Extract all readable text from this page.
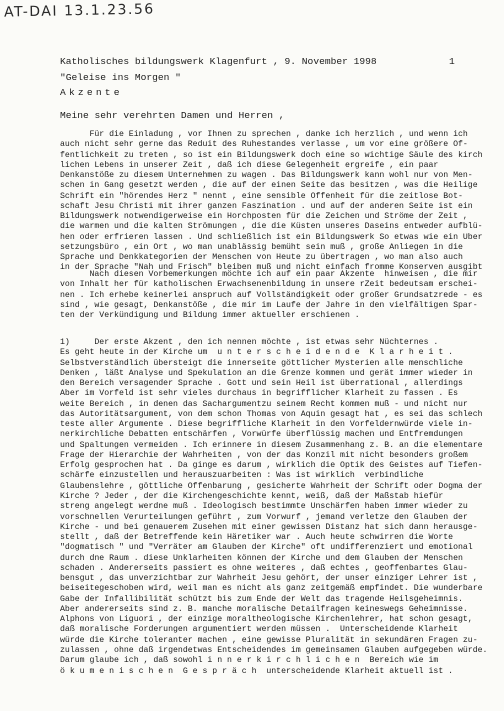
AT-DAI 13.1.23.56
Katholisches bildungswerk Klagenfurt , 9. November 1998	1
"Geleise ins Morgen "
Akzente
Meine sehr verehrten Damen und Herren ,
Für die Einladung , vor Ihnen zu sprechen , danke ich herzlich , und wenn ich
auch nicht sehr gerne das Reduit des Ruhestandes verlasse , um vor eine größere Öf-
fentlichkeit zu treten , so ist ein Bildungswerk doch eine so wichtige Säule des kirch
lichen Lebens in unserer Zeit , daß ich diese Gelegenheit ergreife , ein paar
Denkanstöße zu diesem Unternehmen zu wagen . Das Bildungswerk kann wohl nur von Men-
schen in Gang gesetzt werden , die auf der einen Seite das besitzen , was die Heilige
Schrift ein "hörendes Herz " nennt , eine sensible Offenheit für die zeitlose Bot-
schaft Jesu Christi mit ihrer ganzen Faszination . und auf der anderen Seite ist ein
Bildungswerk notwendigerweise ein Horchposten für die Zeichen und Ströme der Zeit ,
die warmen und die kalten Strömungen , die die Küsten unseres Daseins entweder aufblü-
hen oder erfrieren lassen . Und schließlich ist ein Bildungswerk So etwas wie ein Über
setzungsbüro , ein Ort , wo man unablässig bemüht sein muß , große Anliegen in die
Sprache und Denkkategorien der Menschen von Heute zu übertragen , wo man also auch
in der Sprache "Nah und Frisch" bleiben muß und nicht einfach fromme Konserven ausgibt
Nach diesen Vorbemerkungen möchte ich auf ein paar Akzente  hinweisen , die mir
von Inhalt her für katholischen Erwachsenenbildung in unsere rZeit bedeutsam erschei-
nen . Ich erhebe keinerlei anspruch auf Vollständigkeit oder großer Grundsatzrede - es
sind , wie gesagt, Denkanstöße , die mir im Laufe der Jahre in den vielfältigen Spar-
ten der Verkündigung und Bildung immer aktueller erschienen .
1)     Der erste Akzent , den ich nennen möchte , ist etwas sehr Nüchternes .
Es geht heute in der Kirche um  u n t e r s c h e i d e n d e  K l a r h e i t .
Selbstverständlich übersteigt die innerseite göttlicher Mysterien alle menschliche
Denken , läßt Analyse und Spekulation an die Grenze kommen und gerät immer wieder in
den Bereich versagender Sprache . Gott und sein Heil ist überrational , allerdings
Aber im Vorfeld ist sehr vieles durchaus in begrifflicher Klarheit zu fassen . Es
weite Bereich , in denen das Sachargumentzu seinem Recht kommen muß - und nicht nur
das Autoritätsargument, von dem schon Thomas von Aquin gesagt hat , es sei das schlech
teste aller Argumente . Diese begriffliche Klarheit in den Vorfeldernwürde viele in-
nerkirchliche Debatten entschärfen , Vorwürfe überflüssig machen und Entfremdungen
und Spaltungen vermeiden . Ich erinnere in diesem Zusammenhang z. B. an die elementare
Frage der Hierarchie der Wahrheiten , von der das Konzil mit nicht besonders großem
Erfolg gesprochen hat . Da ginge es darum , wirklich die Optik des Geistes auf Tiefen-
schärfe einzustellen und herauszuarbeiten : Was ist wirklich  verbindliche
Glaubenslehre , göttliche Offenbarung , gesicherte Wahrheit der Schrift oder Dogma der
Kirche ? Jeder , der die Kirchengeschichte kennt, weiß, daß der Maßstab hiefür
streng angelegt werdne muß . Ideologisch bestimmte Unschärfen haben immer wieder zu
vorschnellen Verurteilungen geführt , zum Vorwurf , jemand verletze den Glauben der
Kirche - und bei genauerem Zusehen mit einer gewissen Distanz hat sich dann herausge-
stellt , daß der Betreffende kein Häretiker war . Auch heute schwirren die Worte
"dogmatisch " und "Verräter am Glauben der Kirche" oft undifferenziert und emotional
durch dne Raum . diese Unklarheiten können der Kirche und dem Glauben der Menschen
schaden . Andererseits passiert es ohne weiteres , daß echtes , geoffenbartes Glau-
bensgut , das unverzichtbar zur Wahrheit Jesu gehört, der unser einziger Lehrer ist ,
beiseitegeschoben wird, weil man es nicht als ganz zeitgemäß empfindet. Die wunderbare
Gabe der Infallibilität schützt bis zum Ende der Welt das tragende Heilsgeheimnis.
Aber andererseits sind z. B. manche moralische Detailfragen keineswegs Geheimnisse.
Alphons von Liguori , der einzige moraltheologische Kirchenlehrer, hat schon gesagt,
daß moralische Forderungen argumentiert werden müssen .  Unterscheidende Klarheit
würde die Kirche toleranter machen , eine gewisse Pluralität in sekundären Fragen zu-
zulassen , ohne daß irgendetwas Entscheidendes im gemeinsamen Glauben aufgegeben würde.
Darum glaube ich , daß sowohl i n n e r k i r c h l i c h e n  Bereich wie im
ö k u m e n i s c h e n  G e s p r ä c h  unterscheidende Klarheit aktuell ist .
